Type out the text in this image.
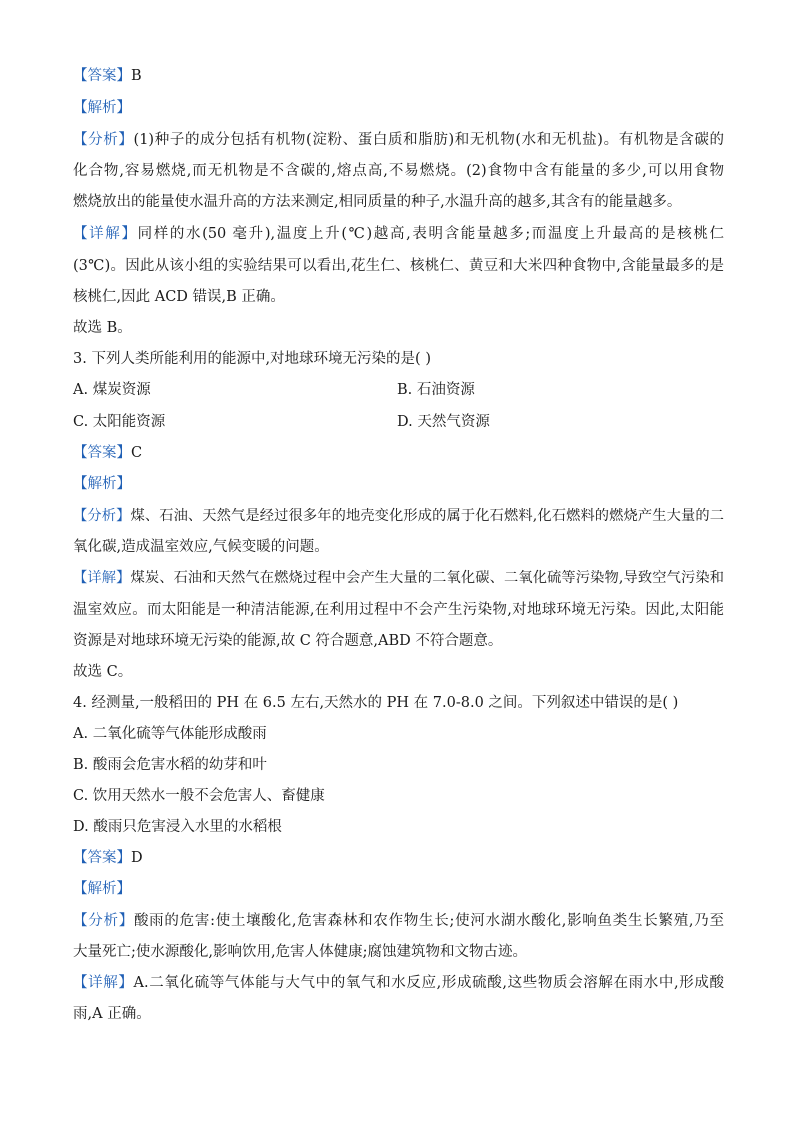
【答案】B
【解析】
【分析】(1)种子的成分包括有机物(淀粉、蛋白质和脂肪)和无机物(水和无机盐)。有机物是含碳的
化合物,容易燃烧,而无机物是不含碳的,熔点高,不易燃烧。(2)食物中含有能量的多少,可以用食物
燃烧放出的能量使水温升高的方法来测定,相同质量的种子,水温升高的越多,其含有的能量越多。
【详解】同样的水(50 毫升),温度上升(℃)越高,表明含能量越多;而温度上升最高的是核桃仁
(3℃)。因此从该小组的实验结果可以看出,花生仁、核桃仁、黄豆和大米四种食物中,含能量最多的是
核桃仁,因此 ACD 错误,B 正确。
故选 B。
3. 下列人类所能利用的能源中,对地球环境无污染的是( )
A. 煤炭资源	B. 石油资源
C. 太阳能资源	D. 天然气资源
【答案】C
【解析】
【分析】煤、石油、天然气是经过很多年的地壳变化形成的属于化石燃料,化石燃料的燃烧产生大量的二
氧化碳,造成温室效应,气候变暖的问题。
【详解】煤炭、石油和天然气在燃烧过程中会产生大量的二氧化碳、二氧化硫等污染物,导致空气污染和
温室效应。而太阳能是一种清洁能源,在利用过程中不会产生污染物,对地球环境无污染。因此,太阳能
资源是对地球环境无污染的能源,故 C 符合题意,ABD 不符合题意。
故选 C。
4. 经测量,一般稻田的 PH 在 6.5 左右,天然水的 PH 在 7.0-8.0 之间。下列叙述中错误的是( )
A. 二氧化硫等气体能形成酸雨
B. 酸雨会危害水稻的幼芽和叶
C. 饮用天然水一般不会危害人、畜健康
D. 酸雨只危害浸入水里的水稻根
【答案】D
【解析】
【分析】酸雨的危害:使土壤酸化,危害森林和农作物生长;使河水湖水酸化,影响鱼类生长繁殖,乃至
大量死亡;使水源酸化,影响饮用,危害人体健康;腐蚀建筑物和文物古迹。
【详解】A.二氧化硫等气体能与大气中的氧气和水反应,形成硫酸,这些物质会溶解在雨水中,形成酸
雨,A 正确。
